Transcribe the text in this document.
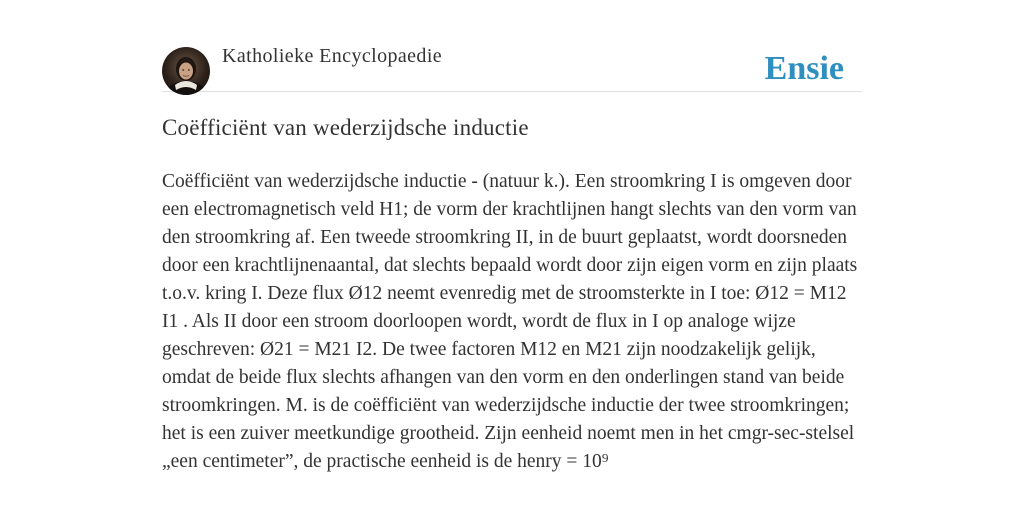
Katholieke Encyclopaedie	Ensie
Coëfficiënt van wederzijdsche inductie

Coëfficiënt van wederzijdsche inductie - (natuur k.). Een stroomkring I is omgeven door een electromagnetisch veld H1; de vorm der krachtlijnen hangt slechts van den vorm van den stroomkring af. Een tweede stroomkring II, in de buurt geplaatst, wordt doorsneden door een krachtlijnenaantal, dat slechts bepaald wordt door zijn eigen vorm en zijn plaats t.o.v. kring I. Deze flux Ø12 neemt evenredig met de stroomsterkte in I toe: Ø12 = M12 I1 . Als II door een stroom doorloopen wordt, wordt de flux in I op analoge wijze geschreven: Ø21 = M21 I2. De twee factoren M12 en M21 zijn noodzakelijk gelijk, omdat de beide flux slechts afhangen van den vorm en den onderlingen stand van beide stroomkringen. M. is de coëfficiënt van wederzijdsche inductie der twee stroomkringen; het is een zuiver meetkundige grootheid. Zijn eenheid noemt men in het cmgr-sec-stelsel „een centimeter”, de practische eenheid is de henry = 10⁹
